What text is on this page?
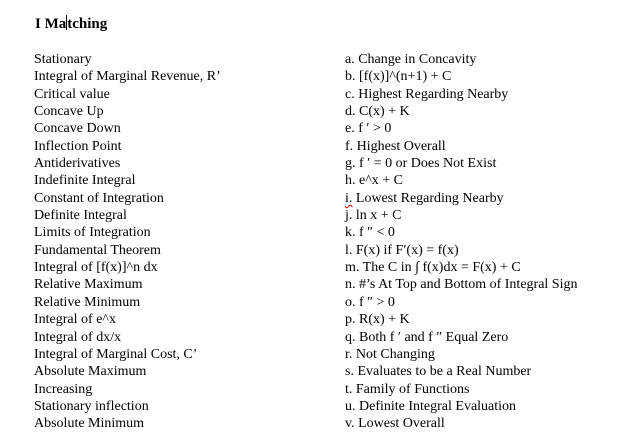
I Matching
Stationary
Integral of Marginal Revenue, R’
Critical value
Concave Up
Concave Down
Inflection Point
Antiderivatives
Indefinite Integral
Constant of Integration
Definite Integral
Limits of Integration
Fundamental Theorem
Integral of [f(x)]^n dx
Relative Maximum
Relative Minimum
Integral of e^x
Integral of dx/x
Integral of Marginal Cost, C’
Absolute Maximum
Increasing
Stationary inflection
Absolute Minimum
a. Change in Concavity
b. [f(x)]^(n+1) + C
c. Highest Regarding Nearby
d. C(x) + K
e. f ′ > 0
f. Highest Overall
g. f ′ = 0 or Does Not Exist
h. e^x + C
i. Lowest Regarding Nearby
j. ln x + C
k. f ″ < 0
l. F(x) if F′(x) = f(x)
m. The C in ∫ f(x)dx = F(x) + C
n. #’s At Top and Bottom of Integral Sign
o. f ″ > 0
p. R(x) + K
q. Both f ′ and f ″ Equal Zero
r. Not Changing
s. Evaluates to be a Real Number
t. Family of Functions
u. Definite Integral Evaluation
v. Lowest Overall
